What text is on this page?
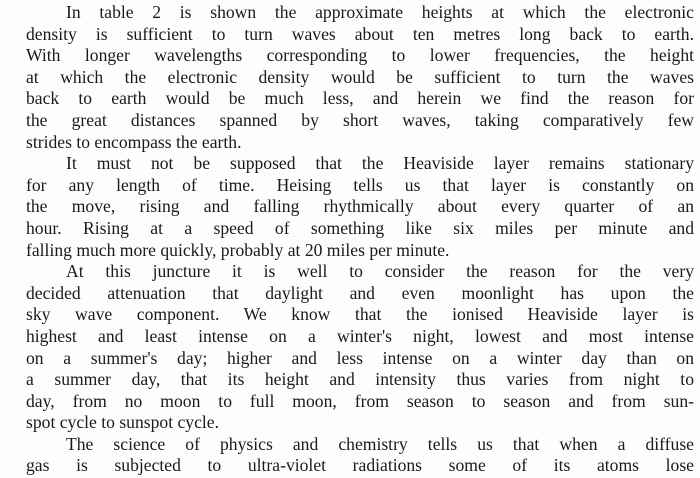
In table 2 is shown the approximate heights at which the electronic
density is sufficient to turn waves about ten metres long back to earth.
With longer wavelengths corresponding to lower frequencies, the height
at which the electronic density would be sufficient to turn the waves
back to earth would be much less, and herein we find the reason for
the great distances spanned by short waves, taking comparatively few
strides to encompass the earth.

It must not be supposed that the Heaviside layer remains stationary
for any length of time. Heising tells us that layer is constantly on
the move, rising and falling rhythmically about every quarter of an
hour. Rising at a speed of something like six miles per minute and
falling much more quickly, probably at 20 miles per minute.

At this juncture it is well to consider the reason for the very
decided attenuation that daylight and even moonlight has upon the
sky wave component. We know that the ionised Heaviside layer is
highest and least intense on a winter's night, lowest and most intense
on a summer's day; higher and less intense on a winter day than on
a summer day, that its height and intensity thus varies from night to
day, from no moon to full moon, from season to season and from sun-
spot cycle to sunspot cycle.

The science of physics and chemistry tells us that when a diffuse
gas is subjected to ultra-violet radiations some of its atoms lose
